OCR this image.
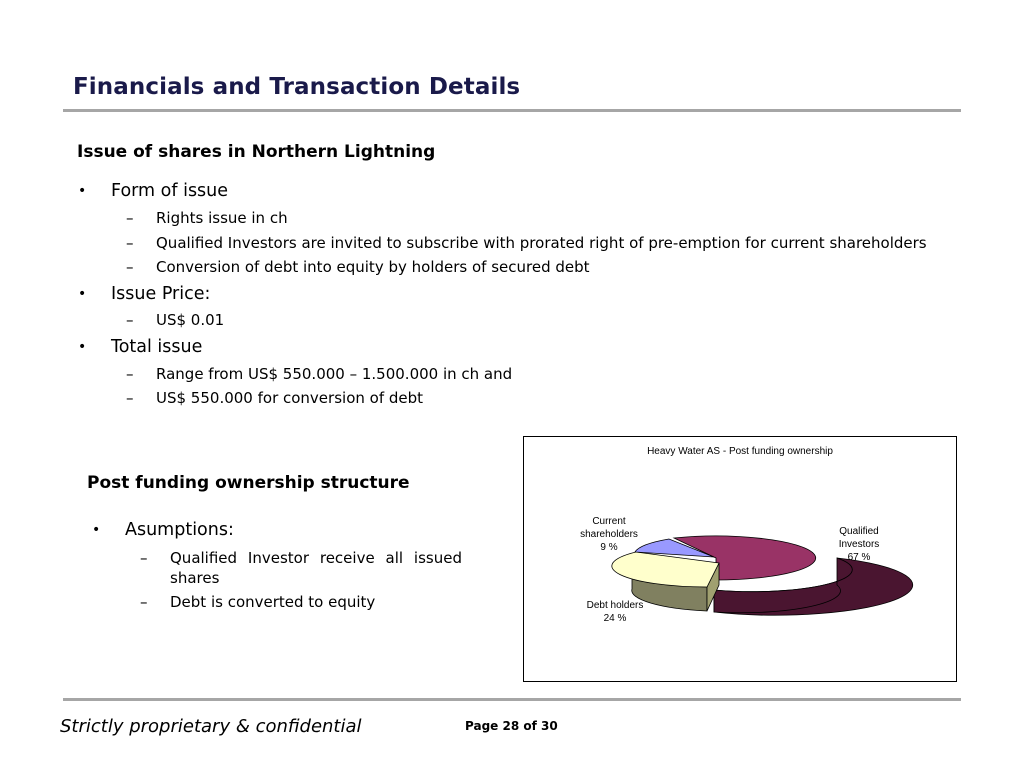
Financials and Transaction Details
Issue of shares in Northern Lightning
• Form of issue
– Rights issue in ch
– Qualified Investors are invited to subscribe with prorated right of pre-emption for current shareholders
– Conversion of debt into equity by holders of secured debt
• Issue Price:
– US$ 0.01
• Total issue
– Range from US$ 550.000 – 1.500.000 in ch and
– US$ 550.000 for conversion of debt
Post funding ownership structure
• Asumptions:
– Qualified Investor receive all issued shares
– Debt is converted to equity
Heavy Water AS - Post funding ownership
Current
shareholders
9 %
Qualified
Investors
67 %
Debt holders
24 %
Strictly proprietary & confidential	Page 28 of 30
